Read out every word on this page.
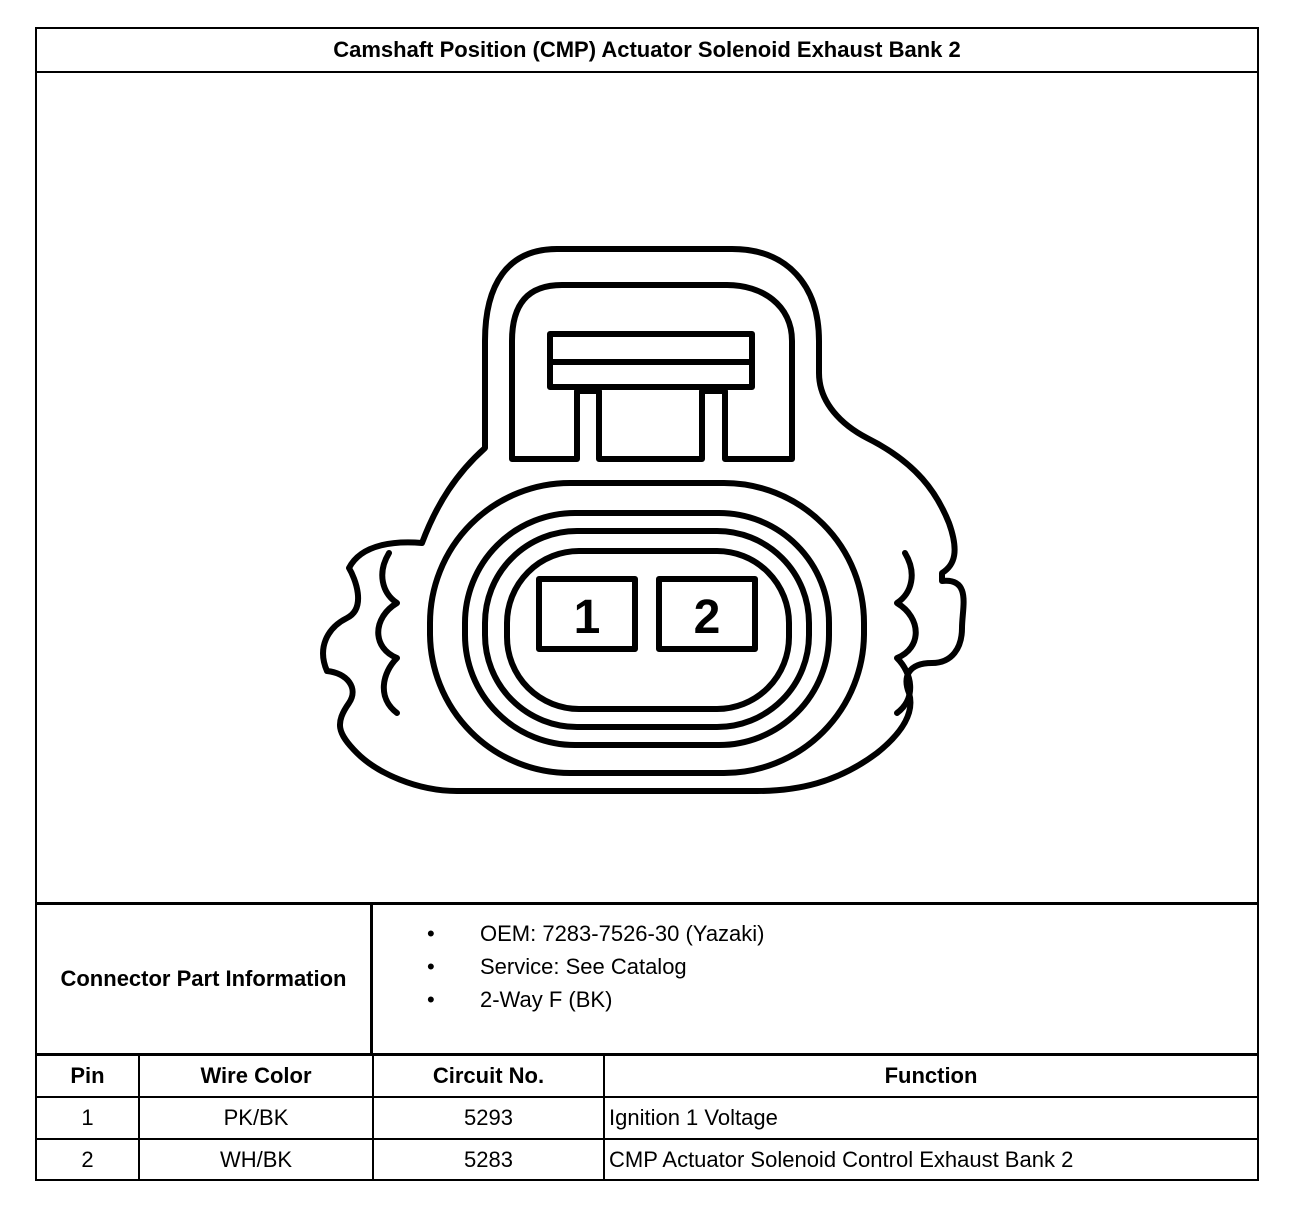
Camshaft Position (CMP) Actuator Solenoid Exhaust Bank 2
1 2
Connector Part Information
• OEM: 7283-7526-30 (Yazaki)
• Service: See Catalog
• 2-Way F (BK)
Pin	Wire Color	Circuit No.	Function
1	PK/BK	5293	Ignition 1 Voltage
2	WH/BK	5283	CMP Actuator Solenoid Control Exhaust Bank 2
